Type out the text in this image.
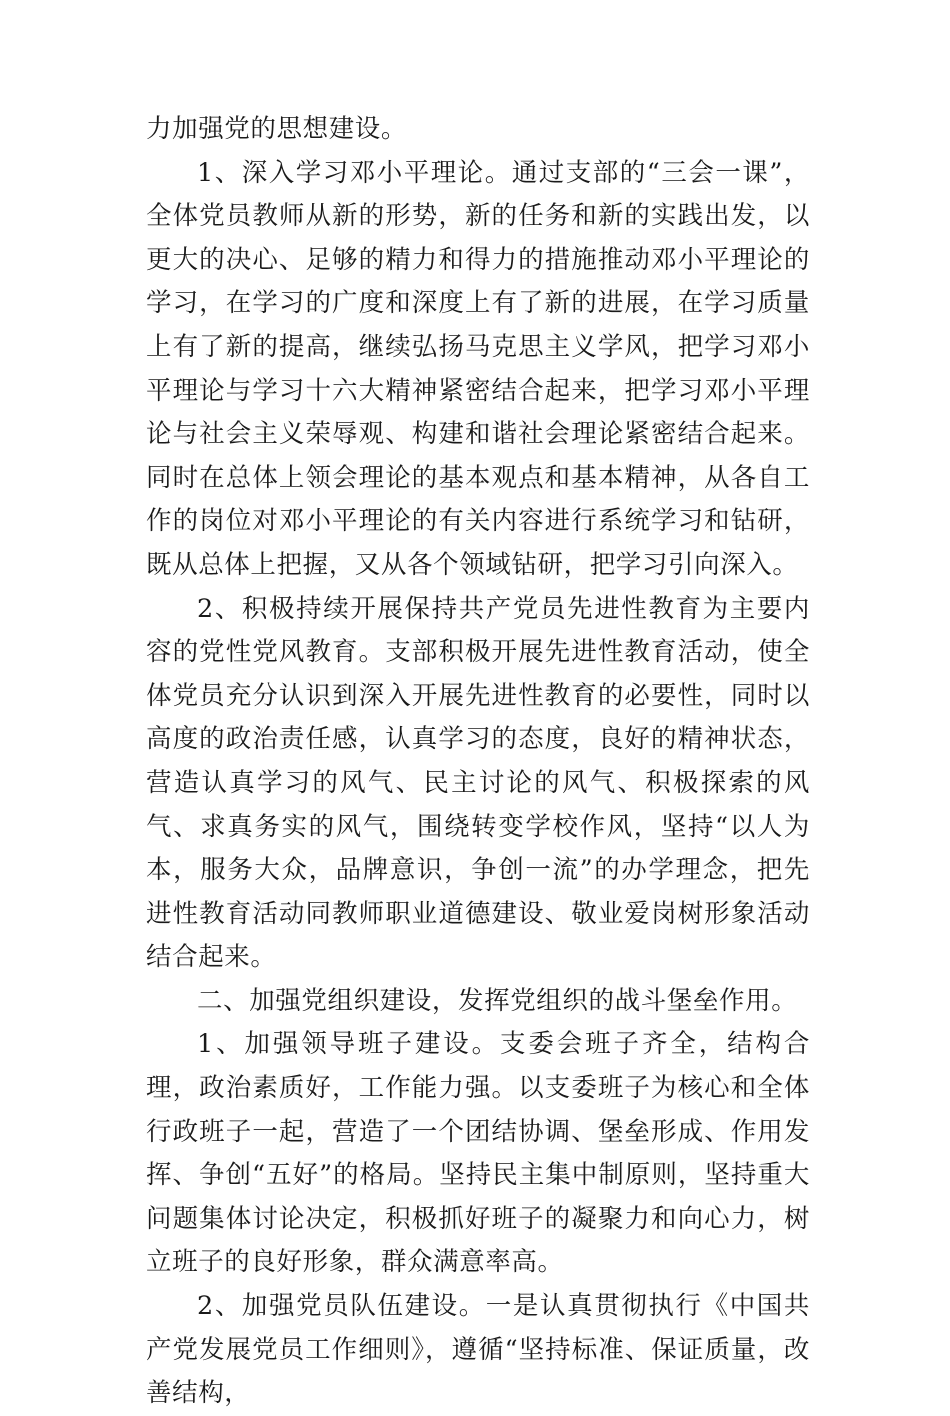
力加强党的思想建设。

1、深入学习邓小平理论。通过支部的“三会一课”，全体党员教师从新的形势，新的任务和新的实践出发，以更大的决心、足够的精力和得力的措施推动邓小平理论的学习，在学习的广度和深度上有了新的进展，在学习质量上有了新的提高，继续弘扬马克思主义学风，把学习邓小平理论与学习十六大精神紧密结合起来，把学习邓小平理论与社会主义荣辱观、构建和谐社会理论紧密结合起来。同时在总体上领会理论的基本观点和基本精神，从各自工作的岗位对邓小平理论的有关内容进行系统学习和钻研，既从总体上把握，又从各个领域钻研，把学习引向深入。

2、积极持续开展保持共产党员先进性教育为主要内容的党性党风教育。支部积极开展先进性教育活动，使全体党员充分认识到深入开展先进性教育的必要性，同时以高度的政治责任感，认真学习的态度，良好的精神状态，营造认真学习的风气、民主讨论的风气、积极探索的风气、求真务实的风气，围绕转变学校作风，坚持“以人为本，服务大众，品牌意识，争创一流”的办学理念，把先进性教育活动同教师职业道德建设、敬业爱岗树形象活动结合起来。

二、加强党组织建设，发挥党组织的战斗堡垒作用。

1、加强领导班子建设。支委会班子齐全，结构合理，政治素质好，工作能力强。以支委班子为核心和全体行政班子一起，营造了一个团结协调、堡垒形成、作用发挥、争创“五好”的格局。坚持民主集中制原则，坚持重大问题集体讨论决定，积极抓好班子的凝聚力和向心力，树立班子的良好形象，群众满意率高。

2、加强党员队伍建设。一是认真贯彻执行《中国共产党发展党员工作细则》，遵循“坚持标准、保证质量，改善结构，
